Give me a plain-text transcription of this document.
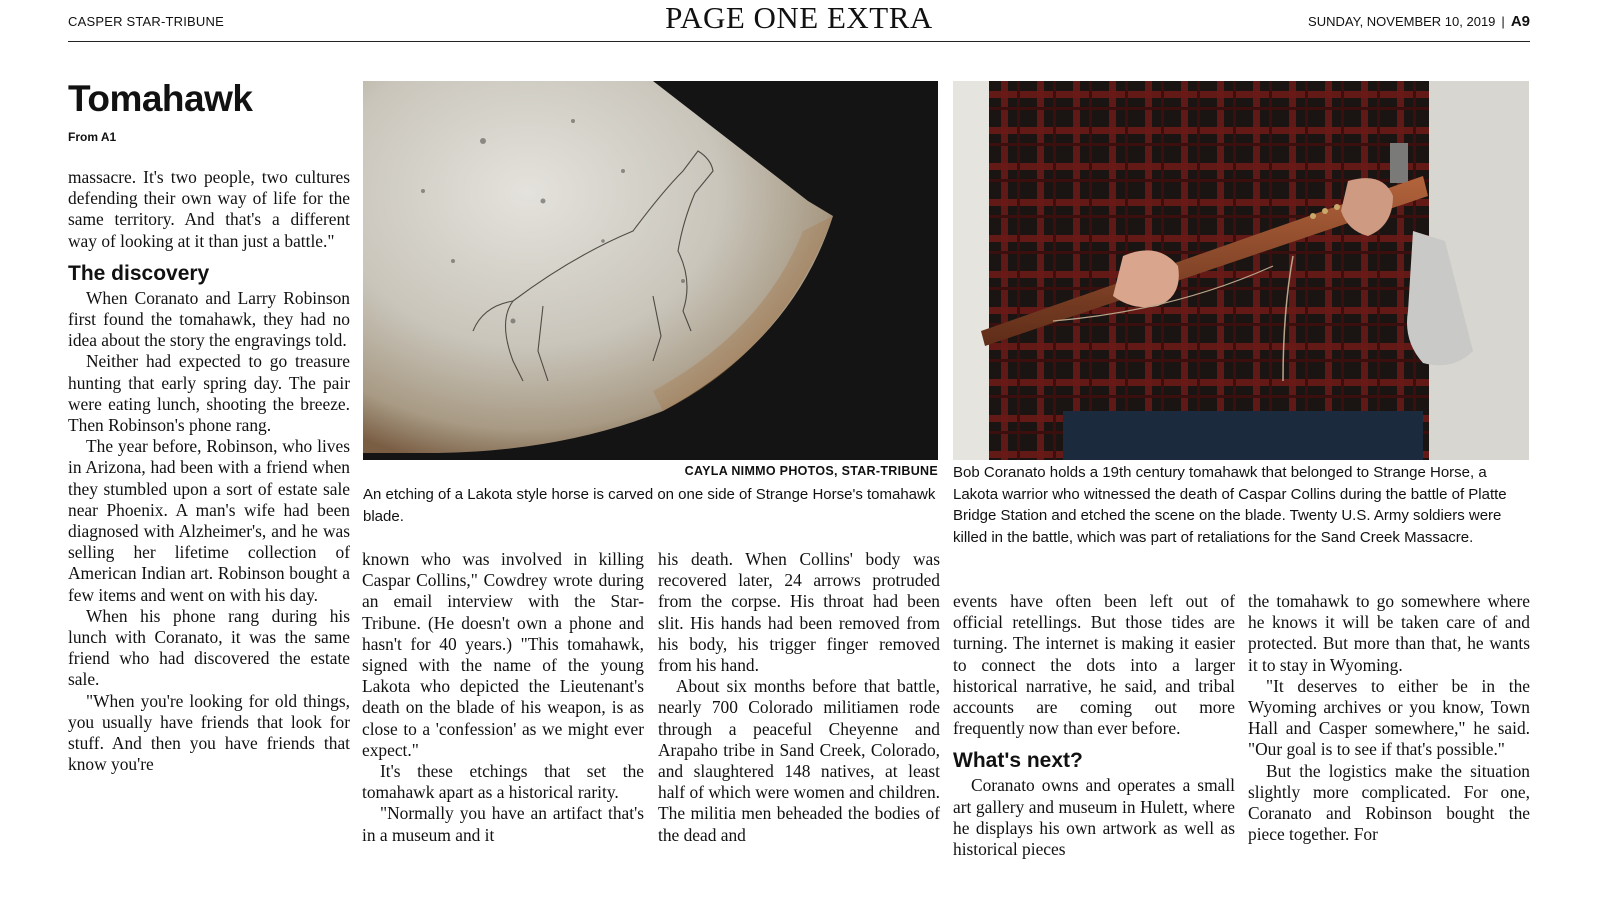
CASPER STAR-TRIBUNE	PAGE ONE EXTRA	SUNDAY, NOVEMBER 10, 2019 | A9
Tomahawk
From A1

massacre. It's two people, two cultures defending their own way of life for the same territory. And that's a different way of looking at it than just a battle."

The discovery

When Coranato and Larry Robinson first found the tomahawk, they had no idea about the story the engravings told.

Neither had expected to go treasure hunting that early spring day. The pair were eating lunch, shooting the breeze. Then Robinson's phone rang.

The year before, Robinson, who lives in Arizona, had been with a friend when they stumbled upon a sort of estate sale near Phoenix. A man's wife had been diagnosed with Alzheimer's, and he was selling her lifetime collection of American Indian art. Robinson bought a few items and went on with his day.

When his phone rang during his lunch with Coranato, it was the same friend who had discovered the estate sale.

"When you're looking for old things, you usually have friends that look for stuff. And then you have friends that know you're

CAYLA NIMMO PHOTOS, STAR-TRIBUNE
An etching of a Lakota style horse is carved on one side of Strange Horse's tomahawk blade.
Bob Coranato holds a 19th century tomahawk that belonged to Strange Horse, a Lakota warrior who witnessed the death of Caspar Collins during the battle of Platte Bridge Station and etched the scene on the blade. Twenty U.S. Army soldiers were killed in the battle, which was part of retaliations for the Sand Creek Massacre.

known who was involved in killing Caspar Collins," Cowdrey wrote during an email interview with the Star-Tribune. (He doesn't own a phone and hasn't for 40 years.) "This tomahawk, signed with the name of the young Lakota who depicted the Lieutenant's death on the blade of his weapon, is as close to a 'confession' as we might ever expect."

It's these etchings that set the tomahawk apart as a historical rarity.

"Normally you have an artifact that's in a museum and it

his death. When Collins' body was recovered later, 24 arrows protruded from the corpse. His throat had been slit. His hands had been removed from his body, his trigger finger removed from his hand.

About six months before that battle, nearly 700 Colorado militiamen rode through a peaceful Cheyenne and Arapaho tribe in Sand Creek, Colorado, and slaughtered 148 natives, at least half of which were women and children. The militia men beheaded the bodies of the dead and

events have often been left out of official retellings. But those tides are turning. The internet is making it easier to connect the dots into a larger historical narrative, he said, and tribal accounts are coming out more frequently now than ever before.

What's next?

Coranato owns and operates a small art gallery and museum in Hulett, where he displays his own artwork as well as historical pieces

the tomahawk to go somewhere where he knows it will be taken care of and protected. But more than that, he wants it to stay in Wyoming.

"It deserves to either be in the Wyoming archives or you know, Town Hall and Casper somewhere," he said. "Our goal is to see if that's possible."

But the logistics make the situation slightly more complicated. For one, Coranato and Robinson bought the piece together. For
